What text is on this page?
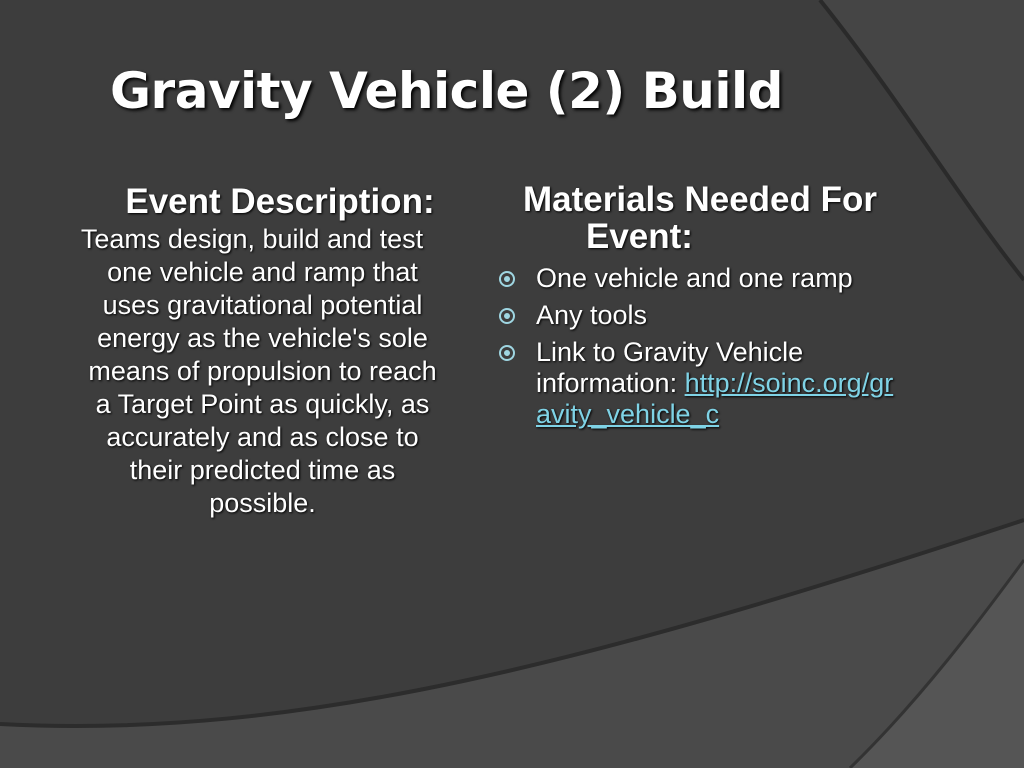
Gravity Vehicle (2) Build

Event Description:

Teams design, build and test one vehicle and ramp that uses gravitational potential energy as the vehicle's sole means of propulsion to reach a Target Point as quickly, as accurately and as close to their predicted time as possible.

Materials Needed For Event:

One vehicle and one ramp
Any tools
Link to Gravity Vehicle information: http://soinc.org/gravity_vehicle_c
